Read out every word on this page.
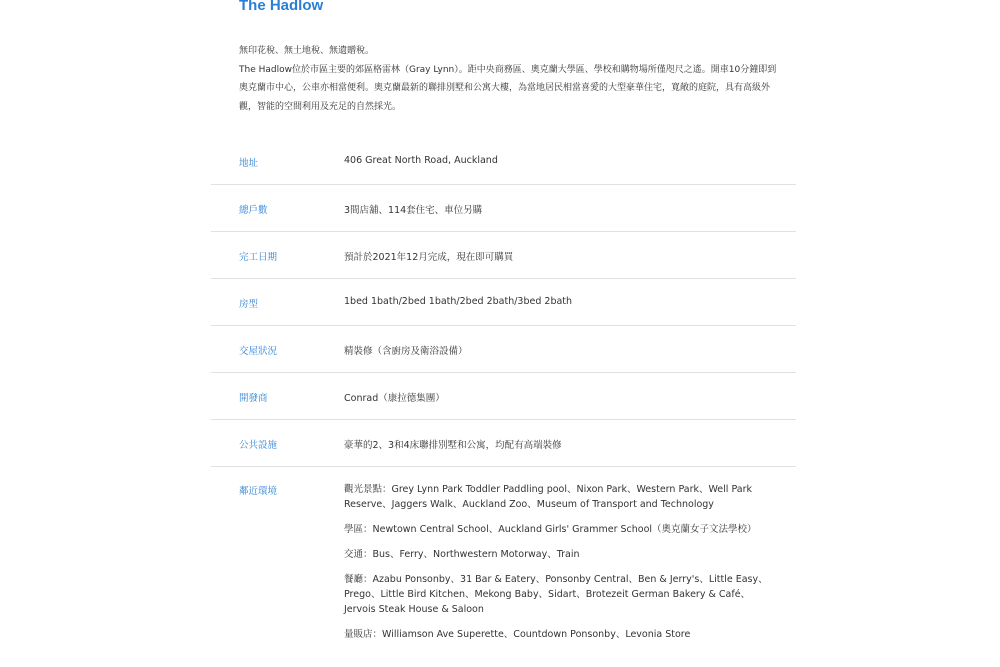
The Hadlow

無印花稅、無土地稅、無遺贈稅。

The Hadlow位於市區主要的郊區格雷林（Gray Lynn）。距中央商務區、奧克蘭大學區、學校和購物場所僅咫尺之遙。開車10分鐘即到奧克蘭市中心，公車亦相當便利。奧克蘭最新的聯排別墅和公寓大樓，為當地居民相當喜愛的大型豪華住宅，寬敞的庭院，具有高級外觀，智能的空間利用及充足的自然採光。

地址	406 Great North Road, Auckland
總戶數	3間店舖、114套住宅、車位另購
完工日期	預計於2021年12月完成，現在即可購買
房型	1bed 1bath/2bed 1bath/2bed 2bath/3bed 2bath
交屋狀況	精裝修（含廚房及衛浴設備）
開發商	Conrad（康拉德集團）
公共設施	豪華的2、3和4床聯排別墅和公寓，均配有高端裝修
鄰近環境	觀光景點：Grey Lynn Park Toddler Paddling pool、Nixon Park、Western Park、Well Park Reserve、Jaggers Walk、Auckland Zoo、Museum of Transport and Technology

學區：Newtown Central School、Auckland Girls' Grammer School（奧克蘭女子文法學校）

交通：Bus、Ferry、Northwestern Motorway、Train

餐廳：Azabu Ponsonby、31 Bar & Eatery、Ponsonby Central、Ben & Jerry's、Little Easy、Prego、Little Bird Kitchen、Mekong Baby、Sidart、Brotezeit German Bakery & Café、Jervois Steak House & Saloon

量販店：Williamson Ave Superette、Countdown Ponsonby、Levonia Store
